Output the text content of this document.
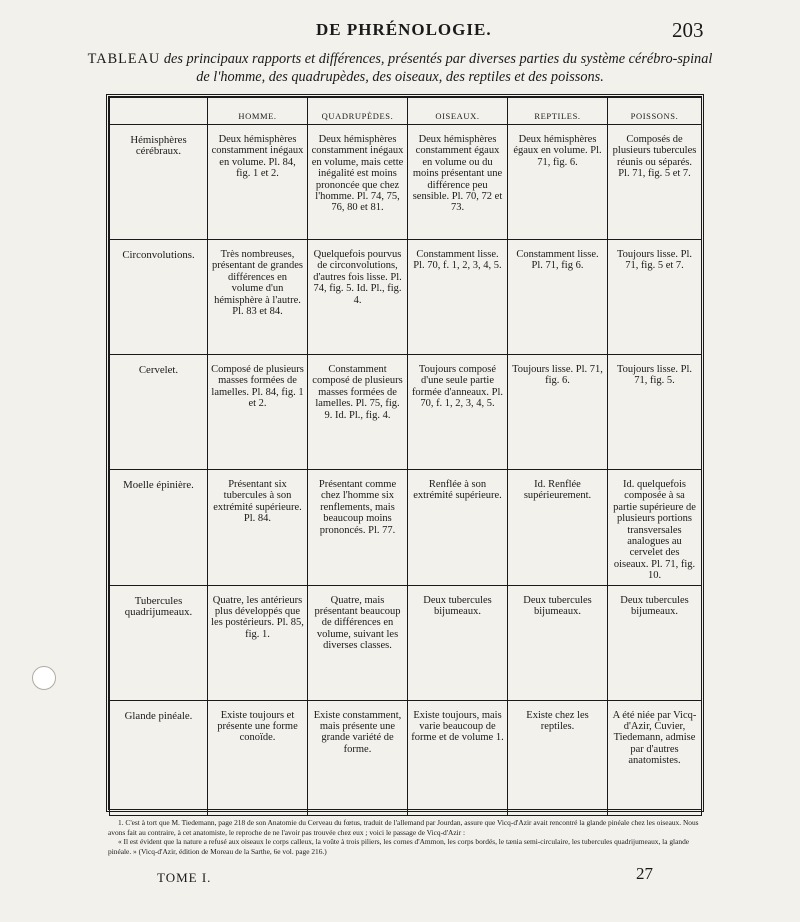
DE PHRÉNOLOGIE.	203
TABLEAU des principaux rapports et différences, présentés par diverses parties du système cérébro-spinal de l'homme, des quadrupèdes, des oiseaux, des reptiles et des poissons.
	HOMME.	QUADRUPÈDES.	OISEAUX.	REPTILES.	POISSONS.
Hémisphères cérébraux.	Deux hémisphères constamment inégaux en volume. Pl. 84, fig. 1 et 2.	Deux hémisphères constamment inégaux en volume, mais cette inégalité est moins prononcée que chez l'homme. Pl. 74, 75, 76, 80 et 81.	Deux hémisphères constamment égaux en volume ou du moins présentant une différence peu sensible. Pl. 70, 72 et 73.	Deux hémisphères égaux en volume. Pl. 71, fig. 6.	Composés de plusieurs tubercules réunis ou séparés. Pl. 71, fig. 5 et 7.

Circonvolutions.	Très nombreuses, présentant de grandes différences en volume d'un hémisphère à l'autre. Pl. 83 et 84.	Quelquefois pourvus de circonvolutions, d'autres fois lisse. Pl. 74, fig. 5. Id. Pl., fig. 4.	Constamment lisse. Pl. 70, f. 1, 2, 3, 4, 5.	Constamment lisse. Pl. 71, fig 6.	Toujours lisse. Pl. 71, fig. 5 et 7.

Cervelet.	Composé de plusieurs masses formées de lamelles. Pl. 84, fig. 1 et 2.	Constamment composé de plusieurs masses formées de lamelles. Pl. 75, fig. 9. Id. Pl., fig. 4.	Toujours composé d'une seule partie formée d'anneaux. Pl. 70, f. 1, 2, 3, 4, 5.	Toujours lisse. Pl. 71, fig. 6.	Toujours lisse. Pl. 71, fig. 5.

Moelle épinière.	Présentant six tubercules à son extrémité supérieure. Pl. 84.	Présentant comme chez l'homme six renflements, mais beaucoup moins prononcés. Pl. 77.	Renflée à son extrémité supérieure.	Id. Renflée supérieurement.	Id. quelquefois composée à sa partie supérieure de plusieurs portions transversales analogues au cervelet des oiseaux. Pl. 71, fig. 10.

Tubercules quadrijumeaux.	Quatre, les antérieurs plus développés que les postérieurs. Pl. 85, fig. 1.	Quatre, mais présentant beaucoup de différences en volume, suivant les diverses classes.	Deux tubercules bijumeaux.	Deux tubercules bijumeaux.	Deux tubercules bijumeaux.

Glande pinéale.	Existe toujours et présente une forme conoïde.	Existe constamment, mais présente une grande variété de forme.	Existe toujours, mais varie beaucoup de forme et de volume 1.	Existe chez les reptiles.	A été niée par Vicq-d'Azir, Cuvier, Tiedemann, admise par d'autres anatomistes.

1. C'est à tort que M. Tiedemann, page 218 de son Anatomie du Cerveau du fœtus, traduit de l'allemand par Jourdan, assure que Vicq-d'Azir avait rencontré la glande pinéale chez les oiseaux. Nous avons fait au contraire, à cet anatomiste, le reproche de ne l'avoir pas trouvée chez eux ; voici le passage de Vicq-d'Azir :

« Il est évident que la nature a refusé aux oiseaux le corps calleux, la voûte à trois piliers, les cornes d'Ammon, les corps bordés, le tænia semi-circulaire, les tubercules quadrijumeaux, la glande pinéale. » (Vicq-d'Azir, édition de Moreau de la Sarthe, 6e vol. page 216.)

TOME I.	27
